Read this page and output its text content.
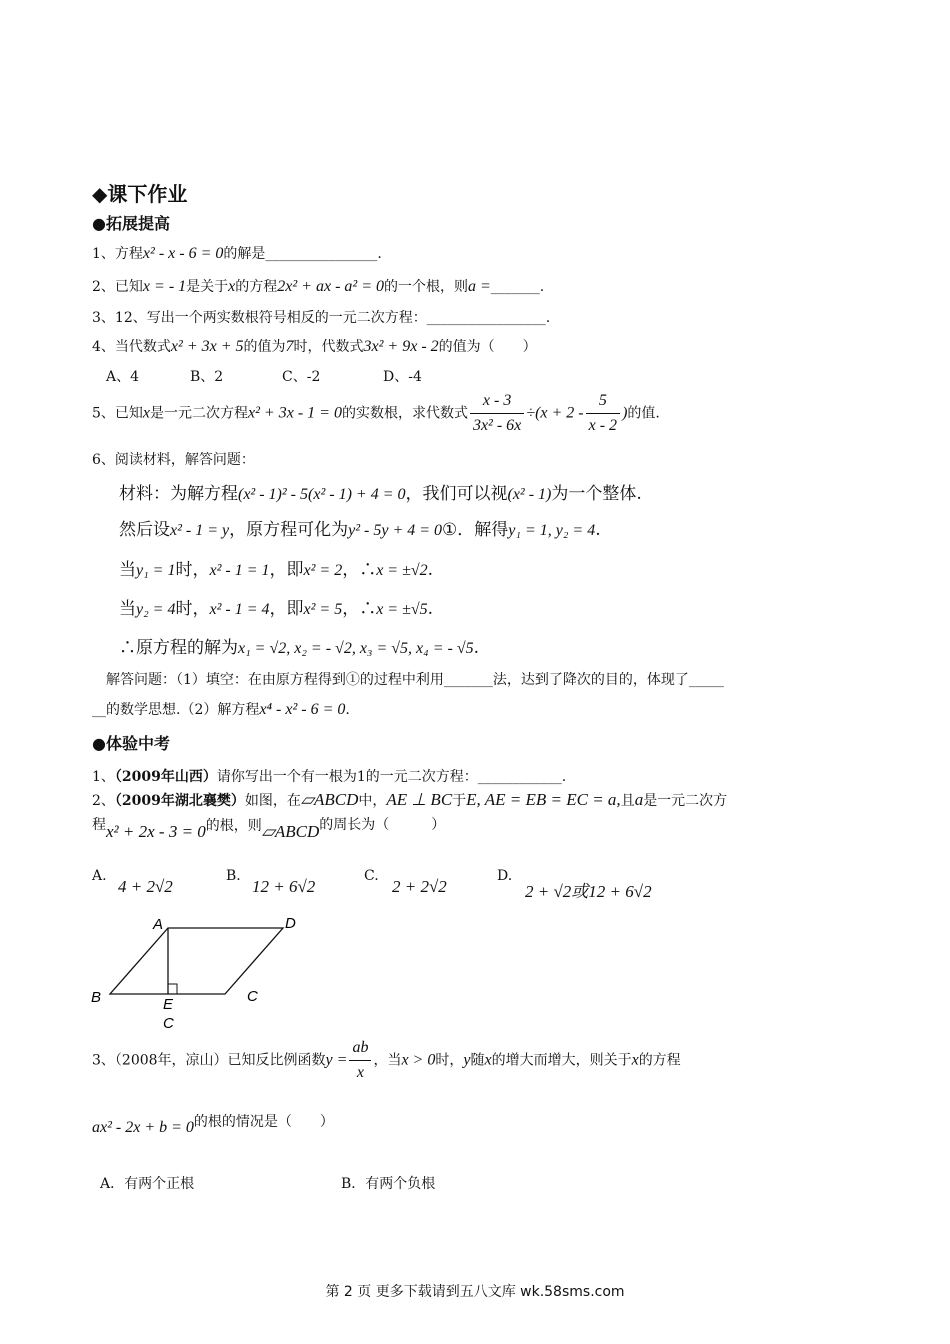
◆课下作业
●拓展提高
1、方程x² - x - 6 = 0的解是________________.
2、已知x = - 1是关于x的方程2x² + ax - a² = 0的一个根，则a =_______.
3、12、写出一个两实数根符号相反的一元二次方程：_________________.
4、当代数式x² + 3x + 5的值为7时，代数式3x² + 9x - 2的值为（　　）
A、4	B、2	C、-2	D、-4
5、已知x是一元二次方程x² + 3x - 1 = 0的实数根，求代数式 $\frac{x - 3}{\text{3x² - 6x}} \div(x + 2 - \frac{5}{x - 2}$ )的值.
6、阅读材料，解答问题：
材料：为解方程(x² - 1)² - 5(x² - 1) + 4 = 0，我们可以视(x² - 1)为一个整体.
然后设x² - 1 = y，原方程可化为y² - 5y + 4 = 0①．解得y₁ = 1, y₂ = 4.
当y₁ = 1时，x² - 1 = 1，即x² = 2，∴x = ±√2.
当y₂ = 4时，x² - 1 = 4，即x² = 5，∴x = ±√5.
∴原方程的解为x₁ = √2, x₂ = - √2, x₃ = √5, x₄ = - √5.
解答问题：（1）填空：在由原方程得到①的过程中利用_______法，达到了降次的目的，体现了_____
__的数学思想.（2）解方程x⁴ - x² - 6 = 0.
●体验中考
1、（2009年山西）请你写出一个有一根为1的一元二次方程：____________.
2、（2009年湖北襄樊）如图，在▱ABCD中，AE ⊥ BC于E, AE = EB = EC = a,且a是一元二次方
程x² + 2x - 3 = 0的根，则▱ABCD的周长为（　　　）
A.
4 + 2√2
B.
12 + 6√2
C.
2 + 2√2
D.
2 + √2或12 + 6√2
A	D
B	E	C
C
3、（2008年，凉山）已知反比例函数$y = \frac{ab}{x}$ ，当x > 0时，y随x的增大而增大，则关于x的方程
ax² - 2x + b = 0的根的情况是（　　）
A．有两个正根	B．有两个负根
第 2 页 更多下载请到五八文库 wk.58sms.com
